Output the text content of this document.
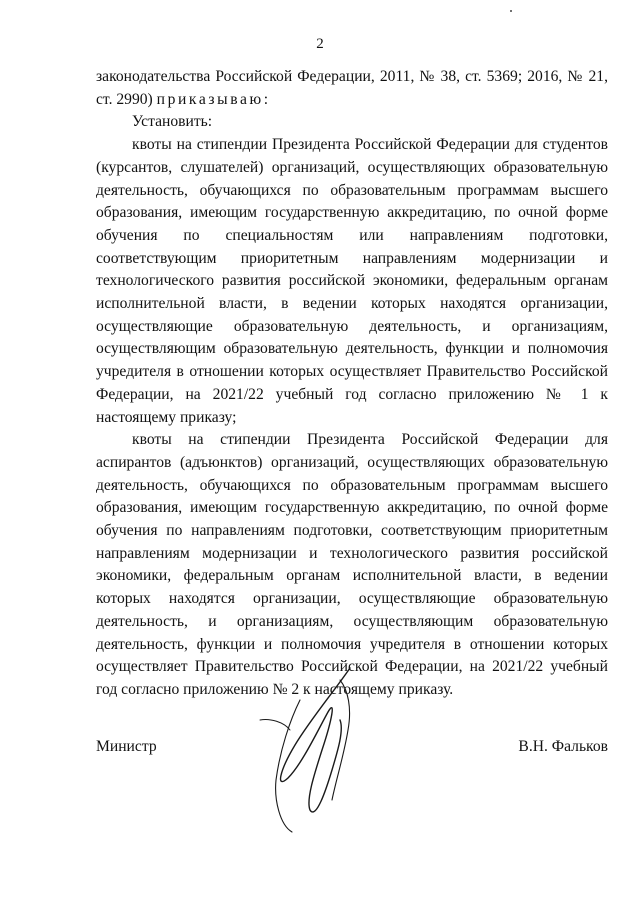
2

законодательства Российской Федерации, 2011, № 38, ст. 5369; 2016, № 21, ст. 2990) приказываю:

Установить:

квоты на стипендии Президента Российской Федерации для студентов (курсантов, слушателей) организаций, осуществляющих образовательную деятельность, обучающихся по образовательным программам высшего образования, имеющим государственную аккредитацию, по очной форме обучения по специальностям или направлениям подготовки, соответствующим приоритетным направлениям модернизации и технологического развития российской экономики, федеральным органам исполнительной власти, в ведении которых находятся организации, осуществляющие образовательную деятельность, и организациям, осуществляющим образовательную деятельность, функции и полномочия учредителя в отношении которых осуществляет Правительство Российской Федерации, на 2021/22 учебный год согласно приложению № 1 к настоящему приказу;

квоты на стипендии Президента Российской Федерации для аспирантов (адъюнктов) организаций, осуществляющих образовательную деятельность, обучающихся по образовательным программам высшего образования, имеющим государственную аккредитацию, по очной форме обучения по направлениям подготовки, соответствующим приоритетным направлениям модернизации и технологического развития российской экономики, федеральным органам исполнительной власти, в ведении которых находятся организации, осуществляющие образовательную деятельность, и организациям, осуществляющим образовательную деятельность, функции и полномочия учредителя в отношении которых осуществляет Правительство Российской Федерации, на 2021/22 учебный год согласно приложению № 2 к настоящему приказу.

Министр	В.Н. Фальков
